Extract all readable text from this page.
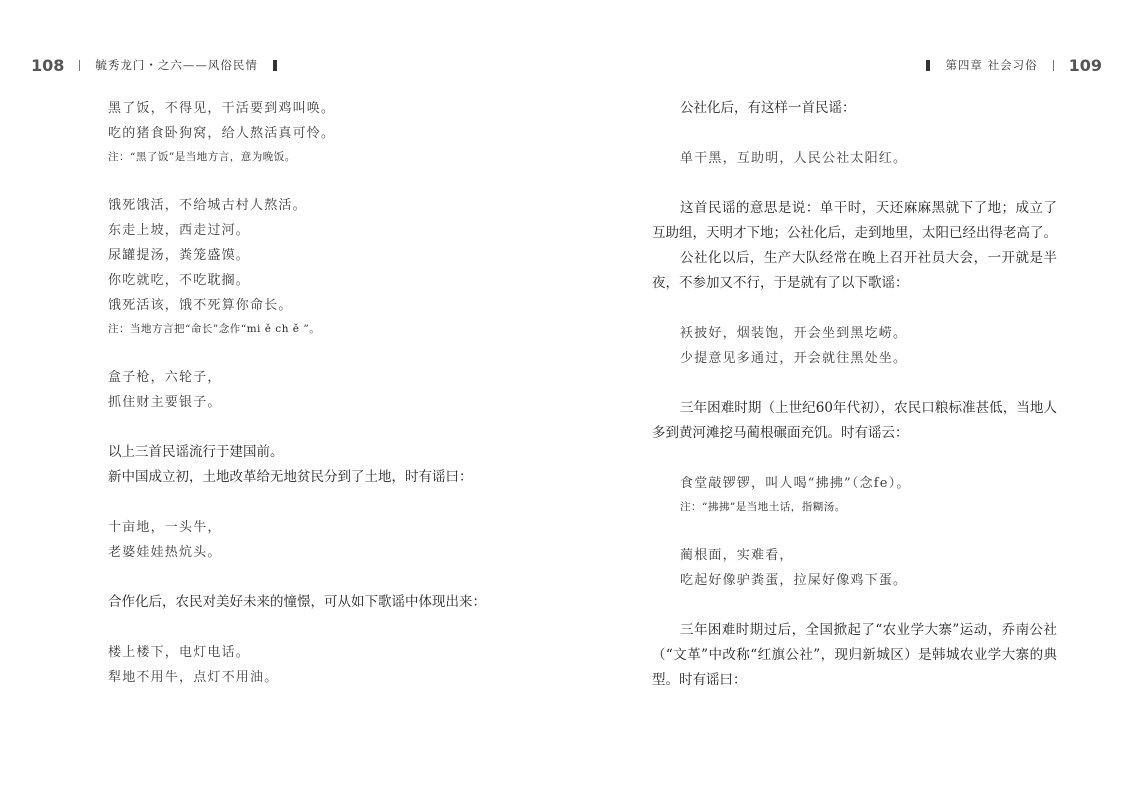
108	毓秀龙门・之六——风俗民情	第四章 社会习俗 109

黑了饭，不得见，干活要到鸡叫唤。

吃的猪食卧狗窝，给人熬活真可怜。

注：“黑了饭”是当地方言，意为晚饭。

饿死饿活，不给城古村人熬活。

东走上坡，西走过河。

尿罐提汤，粪笼盛馍。

你吃就吃，不吃耽搁。

饿死活该，饿不死算你命长。

注：当地方言把“命长”念作“mi ě ch ě ”。

盒子枪，六轮子，

抓住财主要银子。

以上三首民谣流行于建国前。

新中国成立初，土地改革给无地贫民分到了土地，时有谣曰：

十亩地，一头牛，

老婆娃娃热炕头。

合作化后，农民对美好未来的憧憬，可从如下歌谣中体现出来：

楼上楼下，电灯电话。

犁地不用牛，点灯不用油。

公社化后，有这样一首民谣：

单干黑，互助明，人民公社太阳红。

这首民谣的意思是说：单干时，天还麻麻黑就下了地；成立了互助组，天明才下地；公社化后，走到地里，太阳已经出得老高了。

公社化以后，生产大队经常在晚上召开社员大会，一开就是半夜，不参加又不行，于是就有了以下歌谣：

袄披好，烟装饱，开会坐到黑圪崂。

少提意见多通过，开会就往黑处坐。

三年困难时期（上世纪60年代初），农民口粮标准甚低，当地人多到黄河滩挖马蔺根碾面充饥。时有谣云：

食堂敲锣锣，叫人喝“拂拂”（念fe）。

注：“拂拂”是当地土话，指糊汤。

蔺根面，实难看，

吃起好像驴粪蛋，拉屎好像鸡下蛋。

三年困难时期过后，全国掀起了“农业学大寨”运动，乔南公社（“文革”中改称“红旗公社”，现归新城区）是韩城农业学大寨的典型。时有谣曰：
